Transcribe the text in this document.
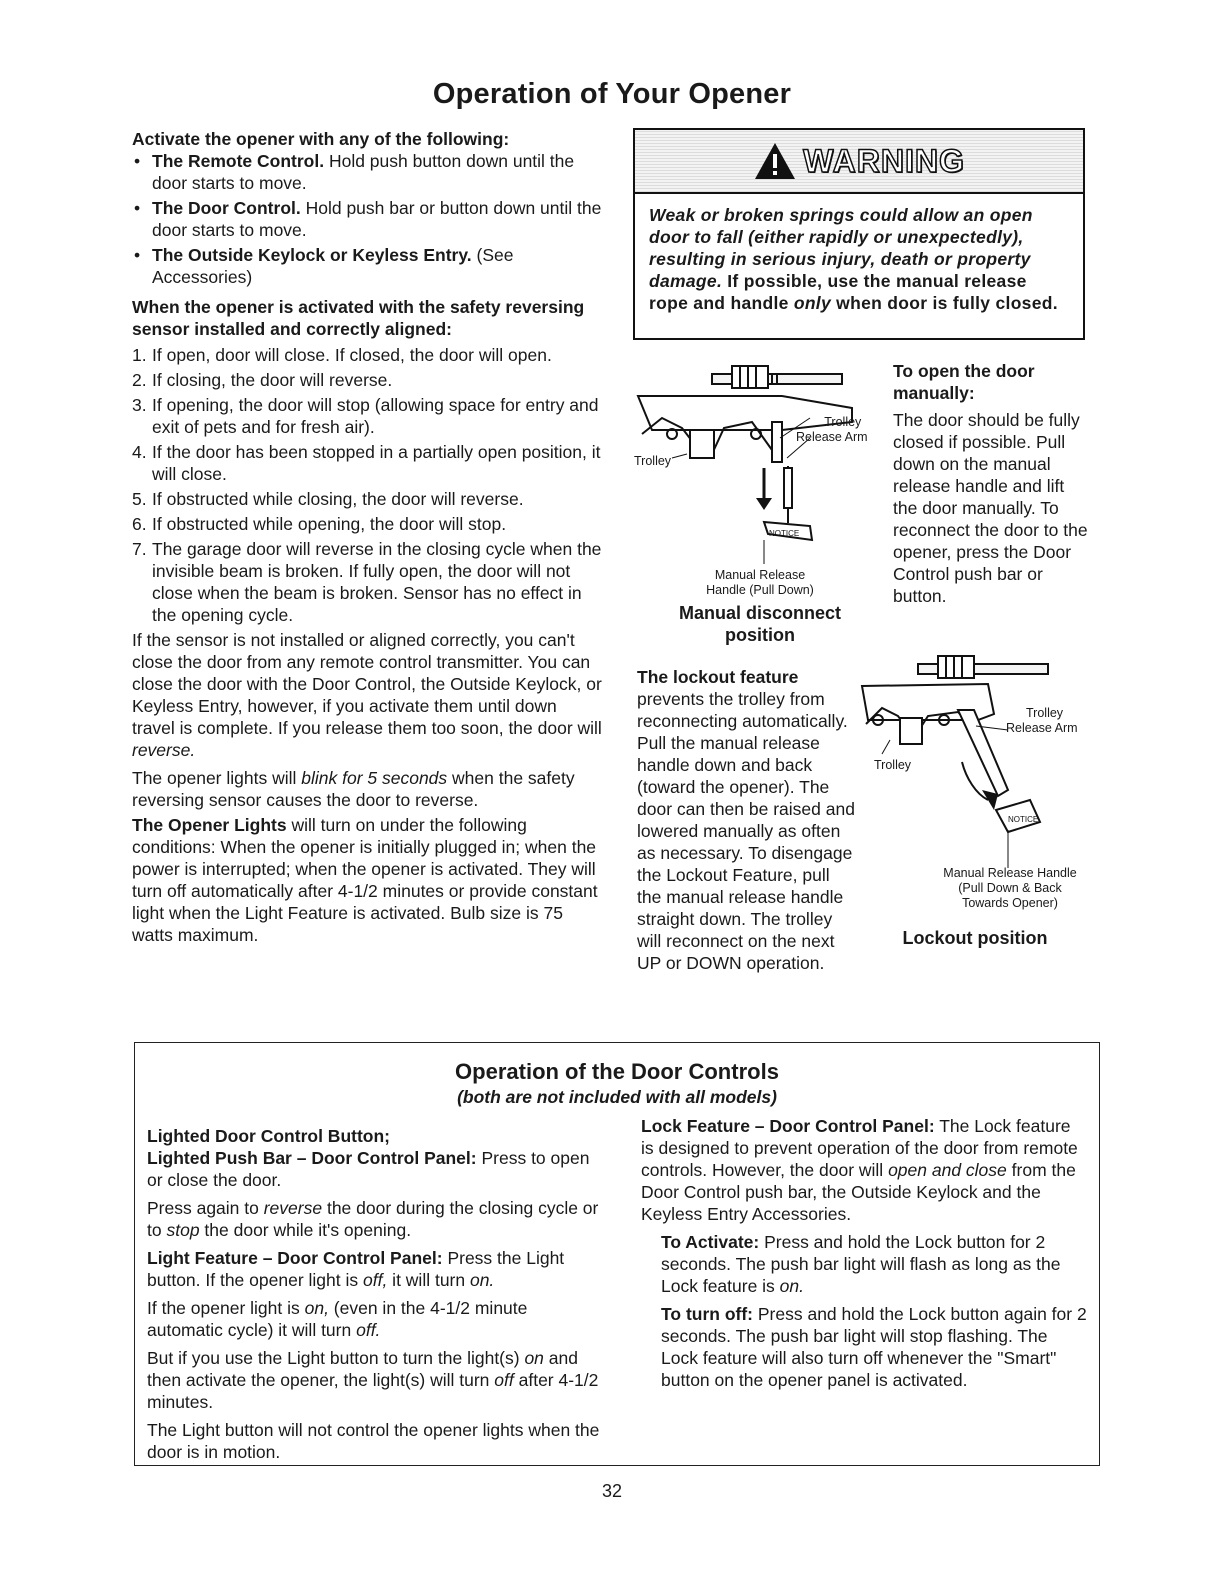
Operation of Your Opener

Activate the opener with any of the following:

• The Remote Control. Hold push button down until the door starts to move.
• The Door Control. Hold push bar or button down until the door starts to move.
• The Outside Keylock or Keyless Entry. (See Accessories)

When the opener is activated with the safety reversing sensor installed and correctly aligned:

1. If open, door will close. If closed, the door will open.
2. If closing, the door will reverse.
3. If opening, the door will stop (allowing space for entry and exit of pets and for fresh air).
4. If the door has been stopped in a partially open position, it will close.
5. If obstructed while closing, the door will reverse.
6. If obstructed while opening, the door will stop.
7. The garage door will reverse in the closing cycle when the invisible beam is broken. If fully open, the door will not close when the beam is broken. Sensor has no effect in the opening cycle.

If the sensor is not installed or aligned correctly, you can't close the door from any remote control transmitter. You can close the door with the Door Control, the Outside Keylock, or Keyless Entry, however, if you activate them until down travel is complete. If you release them too soon, the door will reverse.

The opener lights will blink for 5 seconds when the safety reversing sensor causes the door to reverse.

The Opener Lights will turn on under the following conditions: When the opener is initially plugged in; when the power is interrupted; when the opener is activated. They will turn off automatically after 4-1/2 minutes or provide constant light when the Light Feature is activated. Bulb size is 75 watts maximum.

WARNING
Weak or broken springs could allow an open door to fall (either rapidly or unexpectedly), resulting in serious injury, death or property damage. If possible, use the manual release rope and handle only when door is fully closed.
NOTICE
Trolley
Trolley
Release Arm
Manual Release
Handle (Pull Down)
Manual disconnect
position

To open the door
manually:

The door should be fully closed if possible. Pull down on the manual release handle and lift the door manually. To reconnect the door to the opener, press the Door Control push bar or button.

The lockout feature

prevents the trolley from reconnecting automatically. Pull the manual release handle down and back (toward the opener). The door can then be raised and lowered manually as often as necessary. To disengage the Lockout Feature, pull the manual release handle straight down. The trolley will reconnect on the next UP or DOWN operation.

NOTICE
Trolley
Trolley
Release Arm
Manual Release Handle
(Pull Down & Back
Towards Opener)
Lockout position
Operation of the Door Controls
(both are not included with all models)

Lighted Door Control Button;

Lighted Push Bar – Door Control Panel: Press to open or close the door.

Press again to reverse the door during the closing cycle or to stop the door while it's opening.

Light Feature – Door Control Panel: Press the Light button. If the opener light is off, it will turn on.

If the opener light is on, (even in the 4-1/2 minute automatic cycle) it will turn off.

But if you use the Light button to turn the light(s) on and then activate the opener, the light(s) will turn off after 4-1/2 minutes.

The Light button will not control the opener lights when the door is in motion.

Lock Feature – Door Control Panel: The Lock feature is designed to prevent operation of the door from remote controls. However, the door will open and close from the Door Control push bar, the Outside Keylock and the Keyless Entry Accessories.

To Activate: Press and hold the Lock button for 2 seconds. The push bar light will flash as long as the Lock feature is on.

To turn off: Press and hold the Lock button again for 2 seconds. The push bar light will stop flashing. The Lock feature will also turn off whenever the "Smart" button on the opener panel is activated.

32
